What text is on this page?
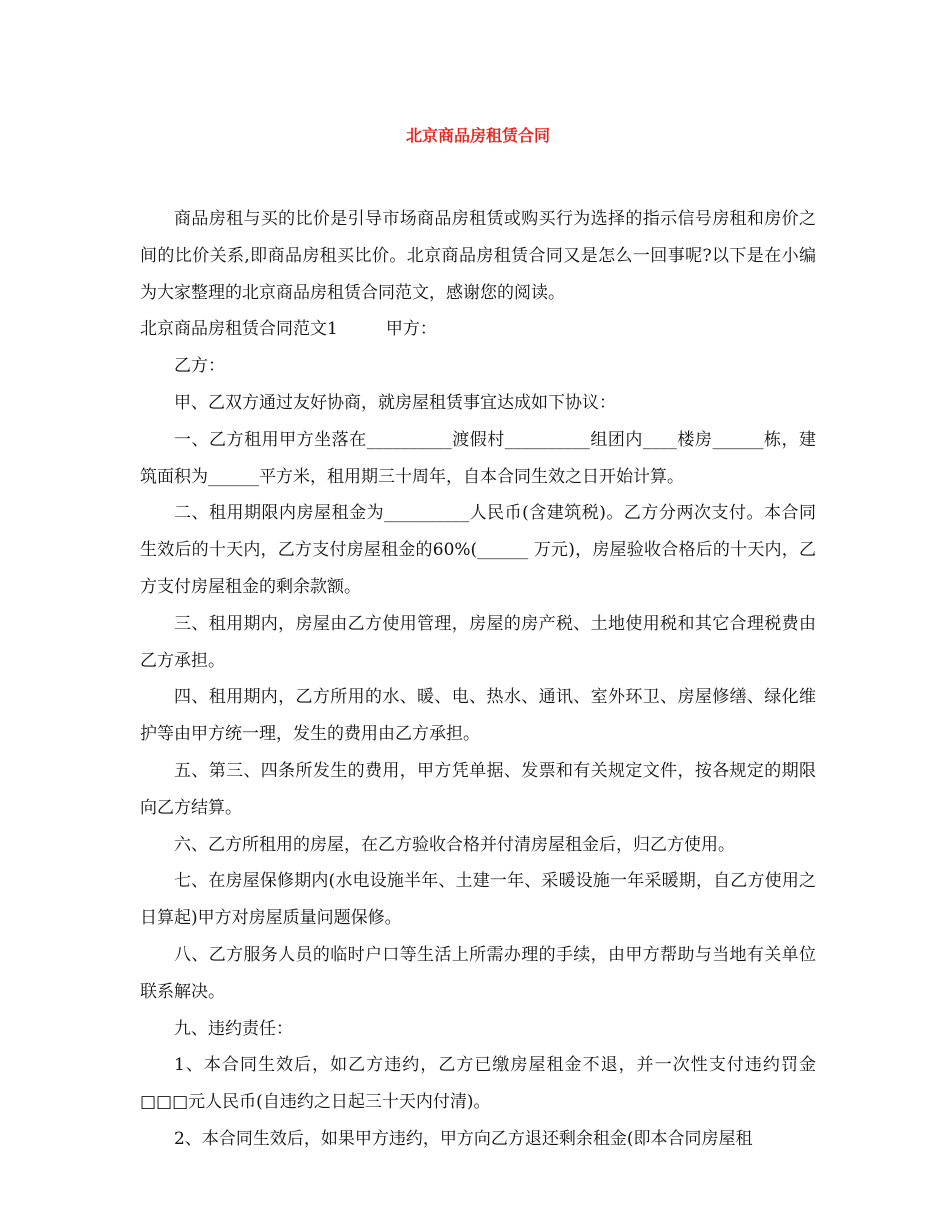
北京商品房租赁合同

商品房租与买的比价是引导市场商品房租赁或购买行为选择的指示信号房租和房价之间的比价关系,即商品房租买比价。北京商品房租赁合同又是怎么一回事呢?以下是在小编为大家整理的北京商品房租赁合同范文，感谢您的阅读。

北京商品房租赁合同范文1	甲方：

乙方：

甲、乙双方通过友好协商，就房屋租赁事宜达成如下协议：

一、乙方租用甲方坐落在__________渡假村__________组团内____楼房______栋，建筑面积为______平方米，租用期三十周年，自本合同生效之日开始计算。

二、租用期限内房屋租金为__________人民币(含建筑税)。乙方分两次支付。本合同生效后的十天内，乙方支付房屋租金的60%(______ 万元)，房屋验收合格后的十天内，乙方支付房屋租金的剩余款额。

三、租用期内，房屋由乙方使用管理，房屋的房产税、土地使用税和其它合理税费由乙方承担。

四、租用期内，乙方所用的水、暖、电、热水、通讯、室外环卫、房屋修缮、绿化维护等由甲方统一理，发生的费用由乙方承担。

五、第三、四条所发生的费用，甲方凭单据、发票和有关规定文件，按各规定的期限向乙方结算。

六、乙方所租用的房屋，在乙方验收合格并付清房屋租金后，归乙方使用。

七、在房屋保修期内(水电设施半年、土建一年、采暖设施一年采暖期，自乙方使用之日算起)甲方对房屋质量问题保修。

八、乙方服务人员的临时户口等生活上所需办理的手续，由甲方帮助与当地有关单位联系解决。

九、违约责任：

1、本合同生效后，如乙方违约，乙方已缴房屋租金不退，并一次性支付违约罚金□□□元人民币(自违约之日起三十天内付清)。

2、本合同生效后，如果甲方违约，甲方向乙方退还剩余租金(即本合同房屋租
